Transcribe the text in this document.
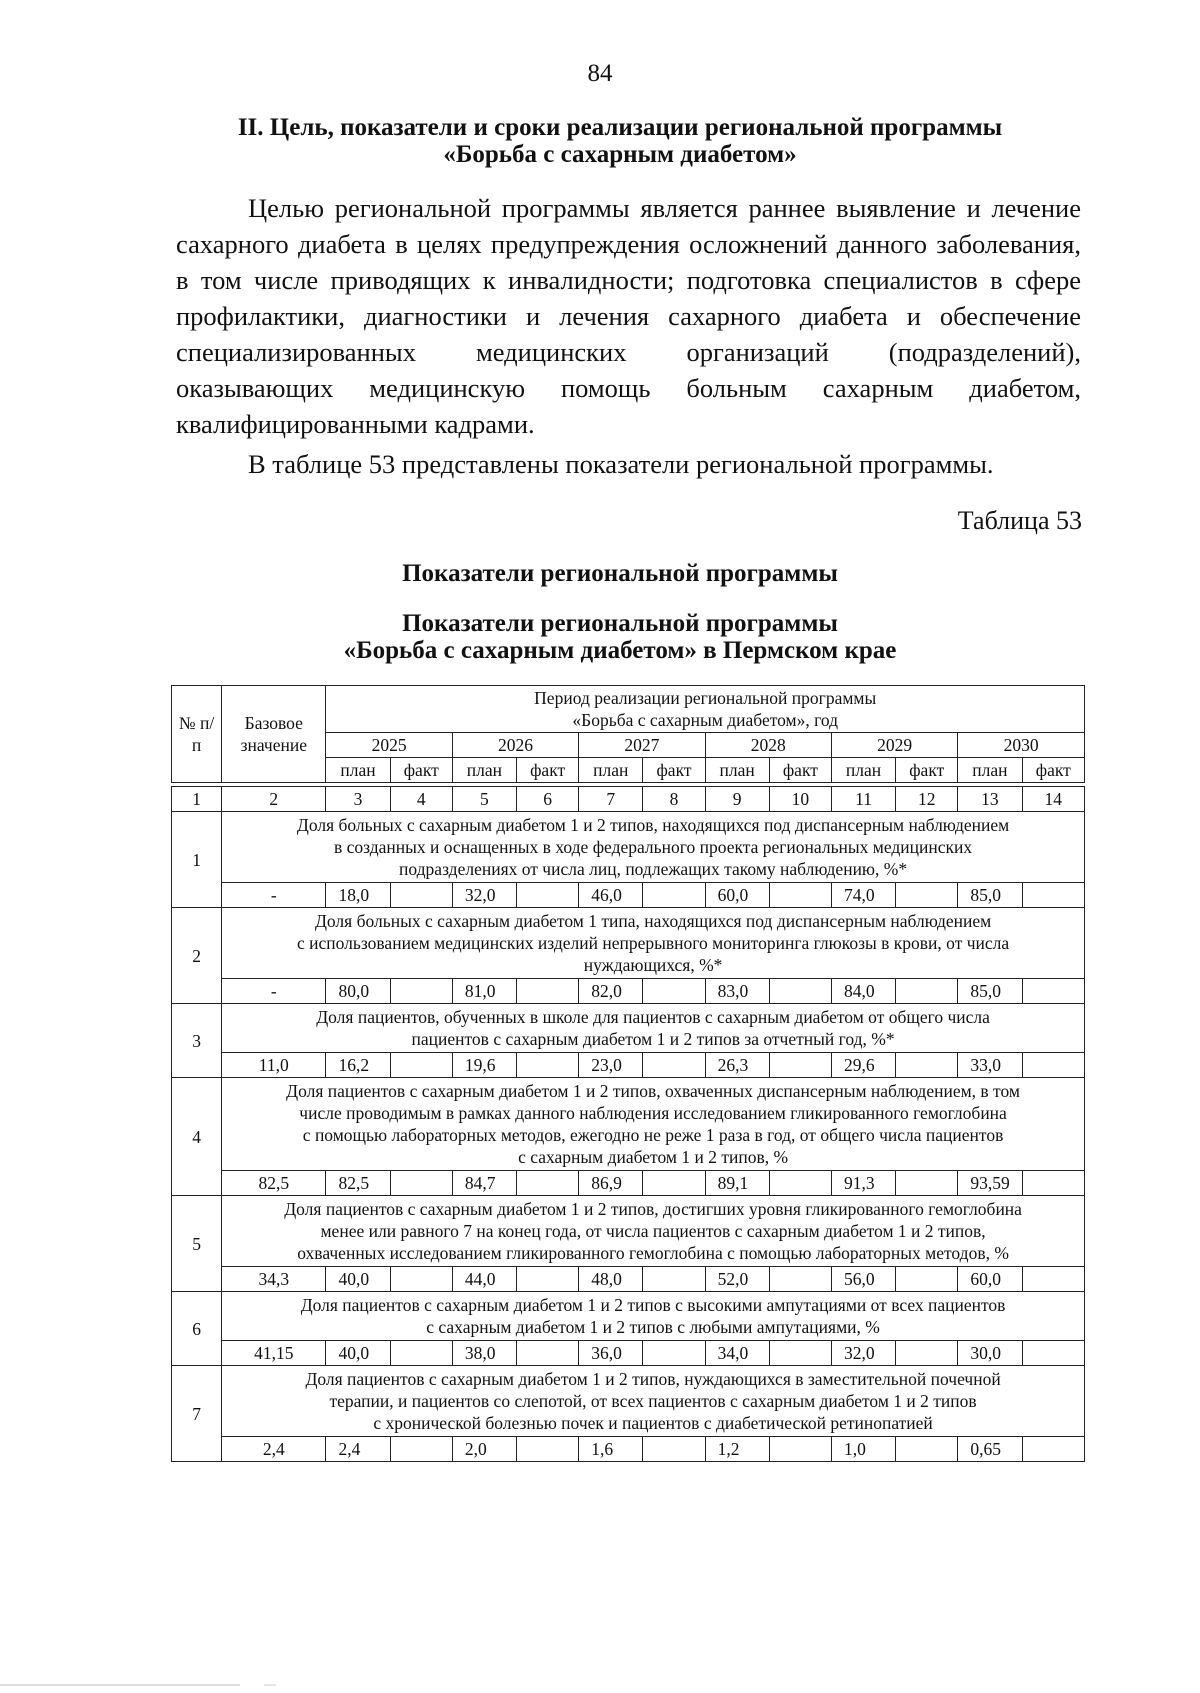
84
II. Цель, показатели и сроки реализации региональной программы
«Борьба с сахарным диабетом»

Целью региональной программы является раннее выявление и лечение сахарного диабета в целях предупреждения осложнений данного заболевания, в том числе приводящих к инвалидности; подготовка специалистов в сфере профилактики, диагностики и лечения сахарного диабета и обеспечение специализированных медицинских организаций (подразделений), оказывающих медицинскую помощь больным сахарным диабетом, квалифицированными кадрами.

В таблице 53 представлены показатели региональной программы.

Таблица 53
Показатели региональной программы
Показатели региональной программы
«Борьба с сахарным диабетом» в Пермском крае
№ п/п	Базовое значение	Период реализации региональной программы
«Борьба с сахарным диабетом», год											

		2025		2026		2027		2028		2029		2030	
		план	факт	план	факт	план	факт	план	факт	план	факт	план	факт

1	2	3	4	5	6	7	8	9	10	11	12	13	14
1	Доля больных с сахарным диабетом 1 и 2 типов, находящихся под диспансерным наблюдением
в созданных и оснащенных в ходе федерального проекта региональных медицинских
подразделениях от числа лиц, подлежащих такому наблюдению, %*												

	-	18,0		32,0		46,0		60,0		74,0		85,0	
2	Доля больных с сахарным диабетом 1 типа, находящихся под диспансерным наблюдением
с использованием медицинских изделий непрерывного мониторинга глюкозы в крови, от числа
нуждающихся, %*												

	-	80,0		81,0		82,0		83,0		84,0		85,0	
3	Доля пациентов, обученных в школе для пациентов с сахарным диабетом от общего числа
пациентов с сахарным диабетом 1 и 2 типов за отчетный год, %*												

	11,0	16,2		19,6		23,0		26,3		29,6		33,0	
4	Доля пациентов с сахарным диабетом 1 и 2 типов, охваченных диспансерным наблюдением, в том
числе проводимым в рамках данного наблюдения исследованием гликированного гемоглобина
с помощью лабораторных методов, ежегодно не реже 1 раза в год, от общего числа пациентов
с сахарным диабетом 1 и 2 типов, %												

	82,5	82,5		84,7		86,9		89,1		91,3		93,59	
5	Доля пациентов с сахарным диабетом 1 и 2 типов, достигших уровня гликированного гемоглобина
менее или равного 7 на конец года, от числа пациентов с сахарным диабетом 1 и 2 типов,
охваченных исследованием гликированного гемоглобина с помощью лабораторных методов, %												

	34,3	40,0		44,0		48,0		52,0		56,0		60,0	
6	Доля пациентов с сахарным диабетом 1 и 2 типов с высокими ампутациями от всех пациентов
с сахарным диабетом 1 и 2 типов с любыми ампутациями, %												

	41,15	40,0		38,0		36,0		34,0		32,0		30,0	
7	Доля пациентов с сахарным диабетом 1 и 2 типов, нуждающихся в заместительной почечной
терапии, и пациентов со слепотой, от всех пациентов с сахарным диабетом 1 и 2 типов
с хронической болезнью почек и пациентов с диабетической ретинопатией												

	2,4	2,4		2,0		1,6		1,2		1,0		0,65	
